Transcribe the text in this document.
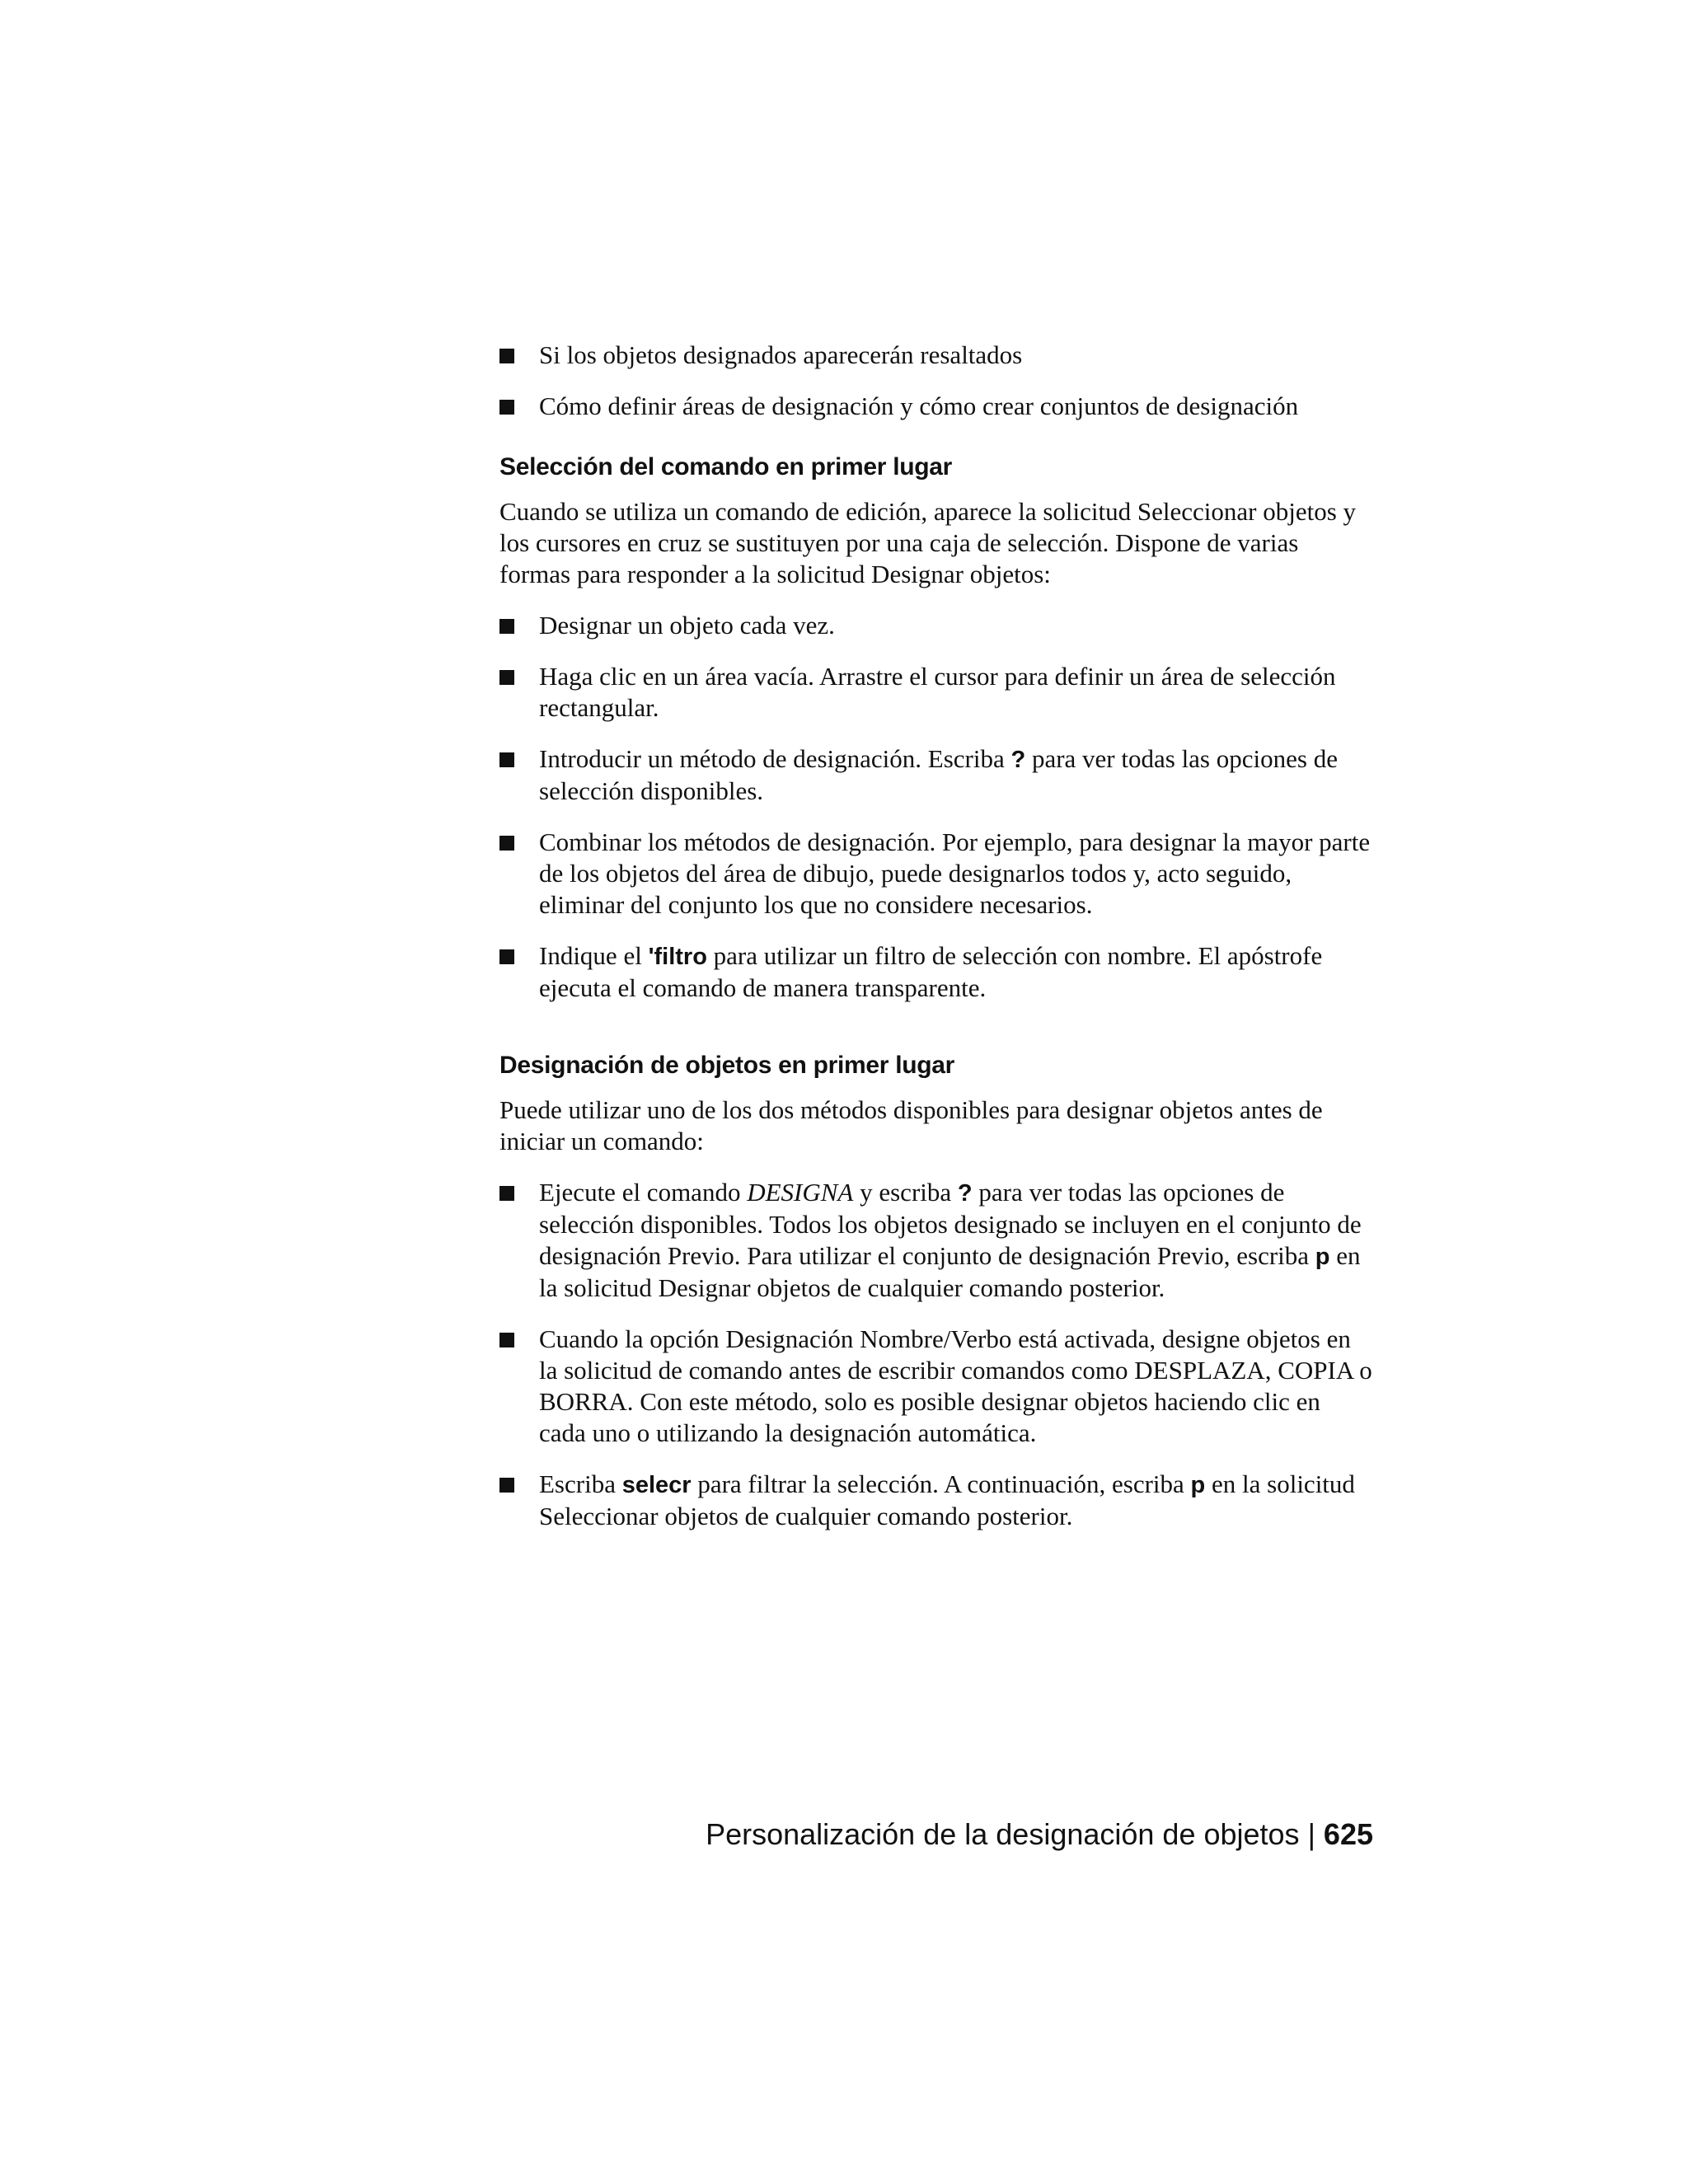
Si los objetos designados aparecerán resaltados
Cómo definir áreas de designación y cómo crear conjuntos de designación
Selección del comando en primer lugar

Cuando se utiliza un comando de edición, aparece la solicitud Seleccionar objetos y los cursores en cruz se sustituyen por una caja de selección. Dispone de varias formas para responder a la solicitud Designar objetos:

Designar un objeto cada vez.
Haga clic en un área vacía. Arrastre el cursor para definir un área de selección rectangular.
Introducir un método de designación. Escriba ? para ver todas las opciones de selección disponibles.
Combinar los métodos de designación. Por ejemplo, para designar la mayor parte de los objetos del área de dibujo, puede designarlos todos y, acto seguido, eliminar del conjunto los que no considere necesarios.
Indique el 'filtro para utilizar un filtro de selección con nombre. El apóstrofe ejecuta el comando de manera transparente.
Designación de objetos en primer lugar

Puede utilizar uno de los dos métodos disponibles para designar objetos antes de iniciar un comando:

Ejecute el comando DESIGNA y escriba ? para ver todas las opciones de selección disponibles. Todos los objetos designado se incluyen en el conjunto de designación Previo. Para utilizar el conjunto de designación Previo, escriba p en la solicitud Designar objetos de cualquier comando posterior.
Cuando la opción Designación Nombre/Verbo está activada, designe objetos en la solicitud de comando antes de escribir comandos como DESPLAZA, COPIA o BORRA. Con este método, solo es posible designar objetos haciendo clic en cada uno o utilizando la designación automática.
Escriba selecr para filtrar la selección. A continuación, escriba p en la solicitud Seleccionar objetos de cualquier comando posterior.
Personalización de la designación de objetos | 625
